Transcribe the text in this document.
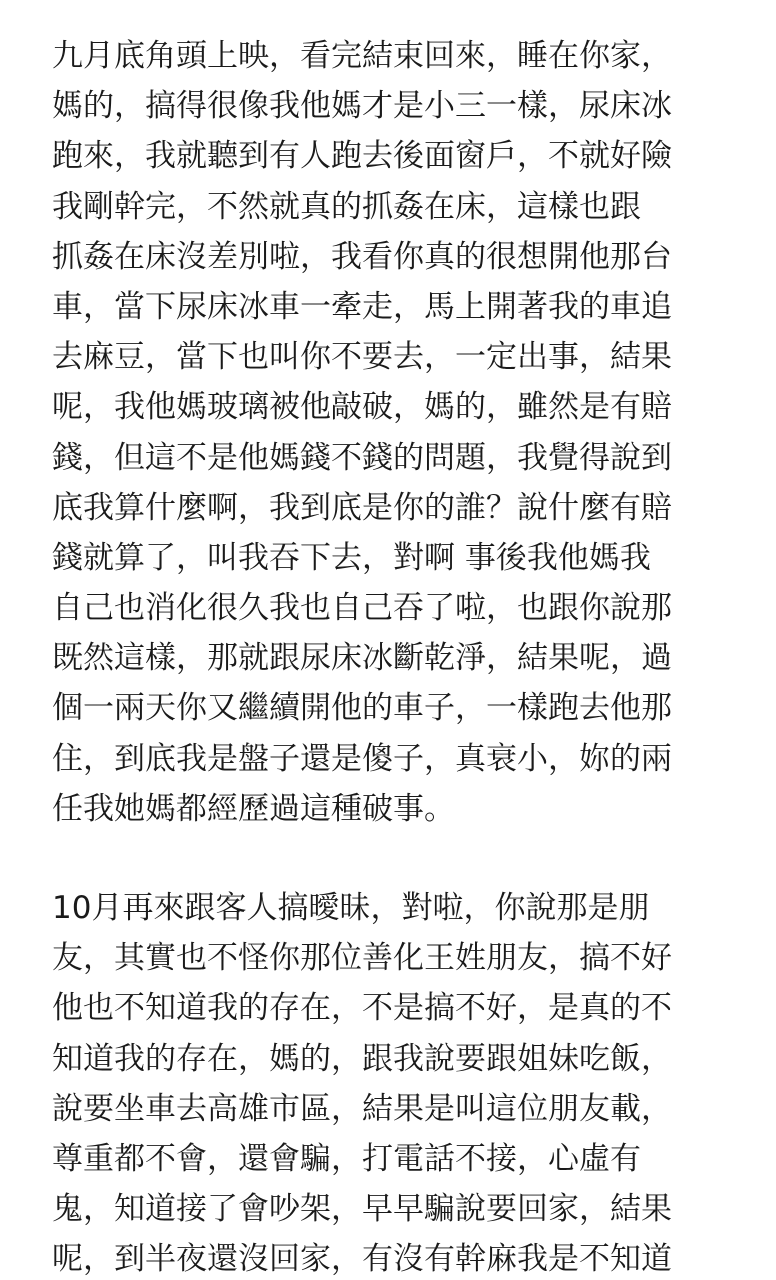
九月底角頭上映，看完結束回來，睡在你家，
媽的，搞得很像我他媽才是小三一樣，尿床冰
跑來，我就聽到有人跑去後面窗戶，不就好險
我剛幹完，不然就真的抓姦在床，這樣也跟
抓姦在床沒差別啦，我看你真的很想開他那台
車，當下尿床冰車一牽走，馬上開著我的車追
去麻豆，當下也叫你不要去，一定出事，結果
呢，我他媽玻璃被他敲破，媽的，雖然是有賠
錢，但這不是他媽錢不錢的問題，我覺得說到
底我算什麼啊，我到底是你的誰？說什麼有賠
錢就算了，叫我吞下去，對啊 事後我他媽我
自己也消化很久我也自己吞了啦，也跟你說那
既然這樣，那就跟尿床冰斷乾淨，結果呢，過
個一兩天你又繼續開他的車子，一樣跑去他那
住，到底我是盤子還是傻子，真衰小，妳的兩
任我她媽都經歷過這種破事。
10月再來跟客人搞曖昧，對啦，你說那是朋
友，其實也不怪你那位善化王姓朋友，搞不好
他也不知道我的存在，不是搞不好，是真的不
知道我的存在，媽的，跟我說要跟姐妹吃飯，
說要坐車去高雄市區，結果是叫這位朋友載，
尊重都不會，還會騙，打電話不接，心虛有
鬼，知道接了會吵架，早早騙說要回家，結果
呢，到半夜還沒回家，有沒有幹麻我是不知道
